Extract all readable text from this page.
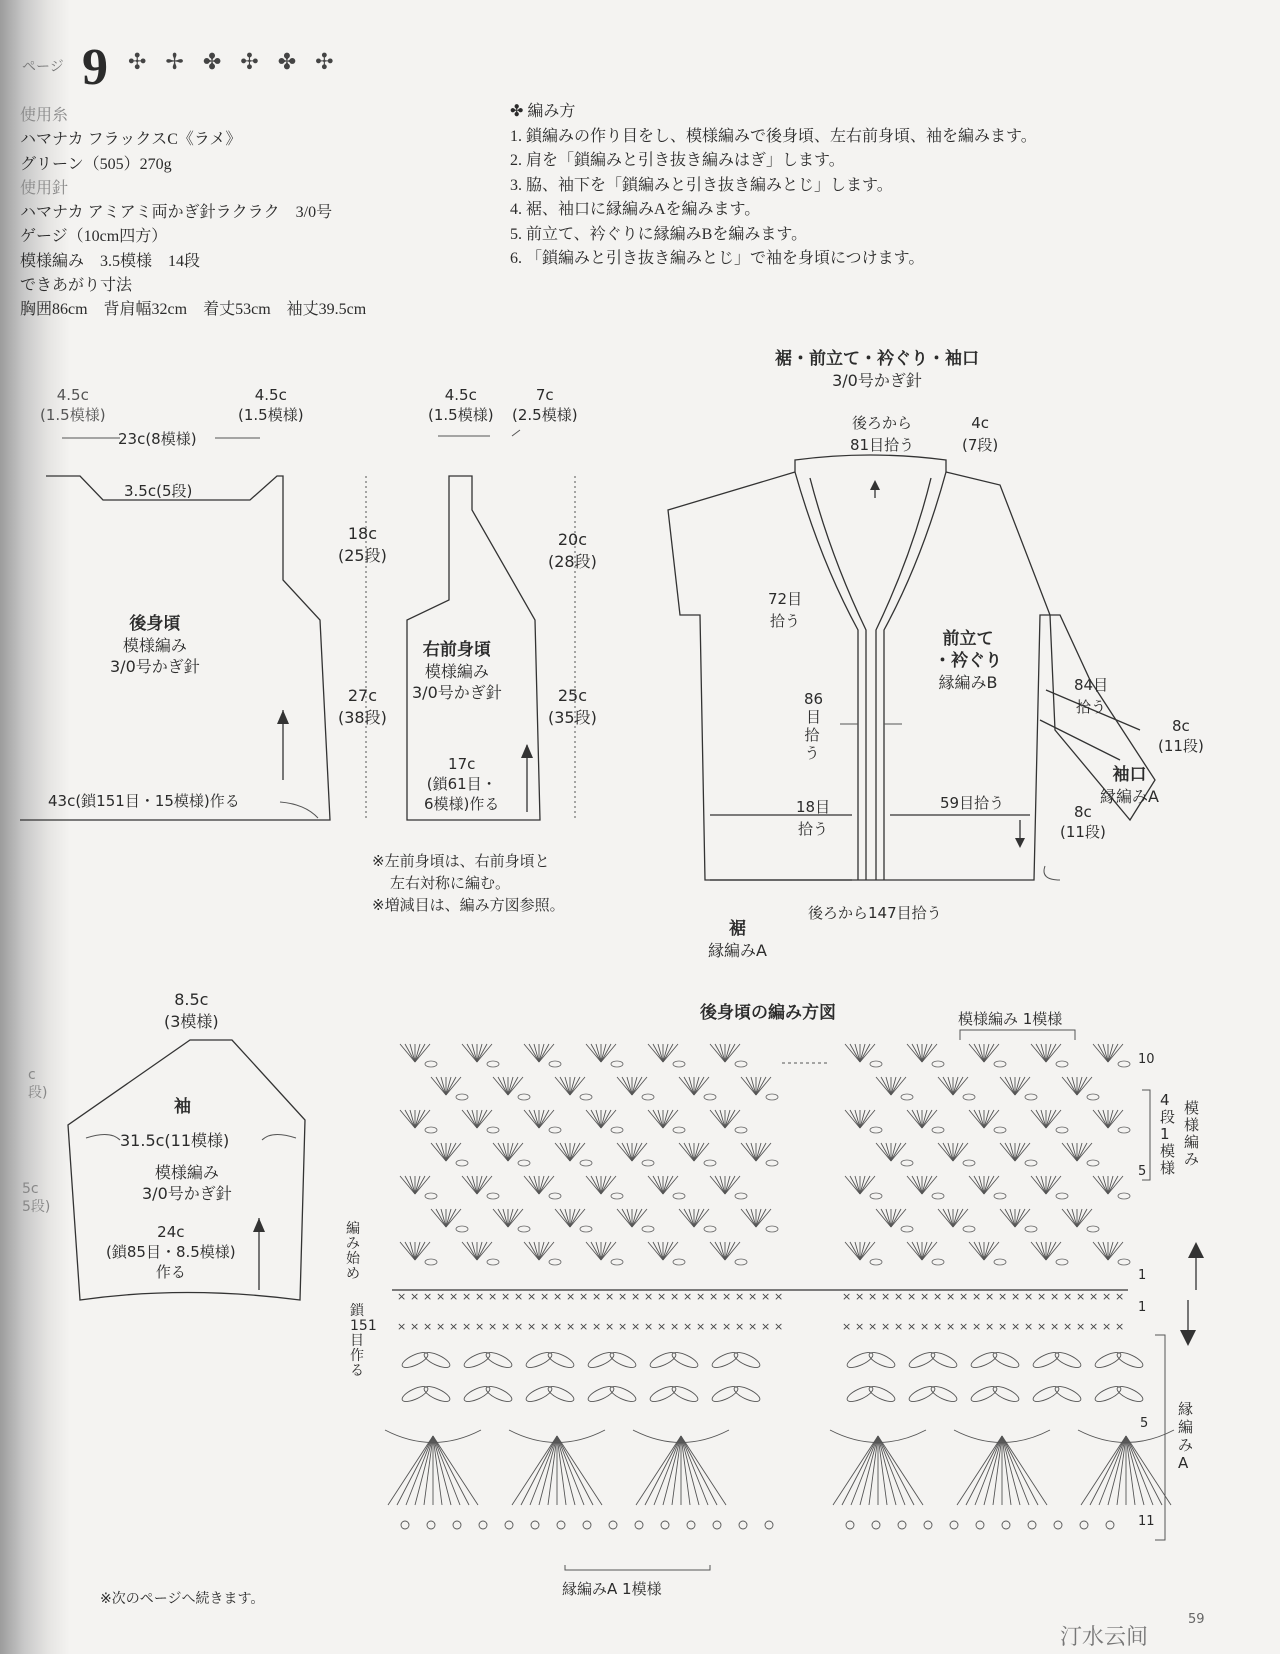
ページ 9 ✣ ✢ ✤ ✣ ✤ ✣
使用糸
ハマナカ フラックスC《ラメ》
グリーン（505）270g
使用針
ハマナカ アミアミ両かぎ針ラクラク　3/0号
ゲージ（10cm四方）
模様編み　3.5模様　14段
できあがり寸法
胸囲86cm　背肩幅32cm　着丈53cm　袖丈39.5cm
✤ 編み方
1. 鎖編みの作り目をし、模様編みで後身頃、左右前身頃、袖を編みます。
2. 肩を「鎖編みと引き抜き編みはぎ」します。
3. 脇、袖下を「鎖編みと引き抜き編みとじ」します。
4. 裾、袖口に縁編みAを編みます。
5. 前立て、衿ぐりに縁編みBを編みます。
6. 「鎖編みと引き抜き編みとじ」で袖を身頃につけます。
× × × × × × × × × × × × × × × × × × × × × × × × × × × × × ×	× × × × × × × × × × × × × × × × × × × × × ×
× × × × × × × × × × × × × × × × × × × × × × × × × × × × × ×	× × × × × × × × × × × × × × × × × × × × × ×
4.5c
(1.5模様)
23c(8模様)
4.5c
(1.5模様)
3.5c(5段)
後身頃
模様編み
3/0号かぎ針
18c
(25段)
27c
(38段)
43c(鎖151目・15模様)作る
4.5c
(1.5模様)
7c
(2.5模様)
右前身頃
模様編み
3/0号かぎ針
20c
(28段)
25c
(35段)
17c
(鎖61目・
6模様)作る
※左前身頃は、右前身頃と
左右対称に編む。
※増減目は、編み方図参照。
8.5c
(3模様)
袖
31.5c(11模様)
模様編み
3/0号かぎ針
24c
(鎖85目・8.5模様)
作る
c
段)
5c
5段)
裾・前立て・衿ぐり・袖口
3/0号かぎ針
後ろから
81目拾う
4c
(7段)
72目
拾う
86
目
拾う
前立て
・衿ぐり
縁編みB	84目
拾う
8c
(11段)
袖口
縁編みA
18目
拾う
59目拾う	8c
(11段)
後ろから147目拾う
裾
縁編みA
後身頃の編み方図	模様編み 1模様
10
5
4段1模様
模様編み
1
1
5
11
縁編みA
編み始め
鎖151目作る
縁編みA 1模様
※次のページへ続きます。
59
汀水云间
